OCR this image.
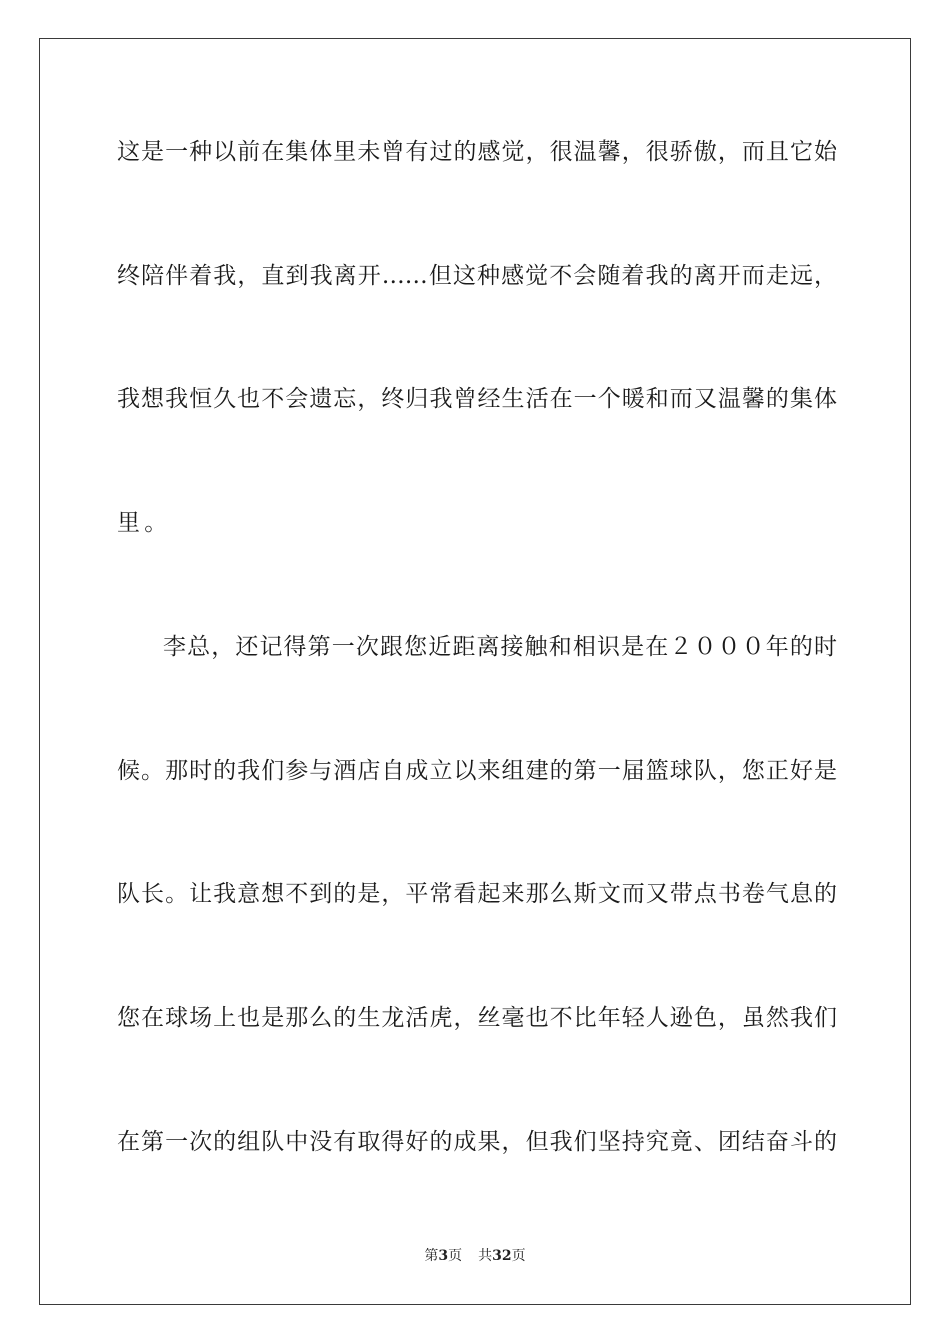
这是一种以前在集体里未曾有过的感觉，很温馨，很骄傲，而且它始
终陪伴着我，直到我离开……但这种感觉不会随着我的离开而走远，
我想我恒久也不会遗忘，终归我曾经生活在一个暖和而又温馨的集体
里。
李总，还记得第一次跟您近距离接触和相识是在２０００年的时
候。那时的我们参与酒店自成立以来组建的第一届篮球队，您正好是
队长。让我意想不到的是，平常看起来那么斯文而又带点书卷气息的
您在球场上也是那么的生龙活虎，丝毫也不比年轻人逊色，虽然我们
在第一次的组队中没有取得好的成果，但我们坚持究竟、团结奋斗的
第3页 共32页
